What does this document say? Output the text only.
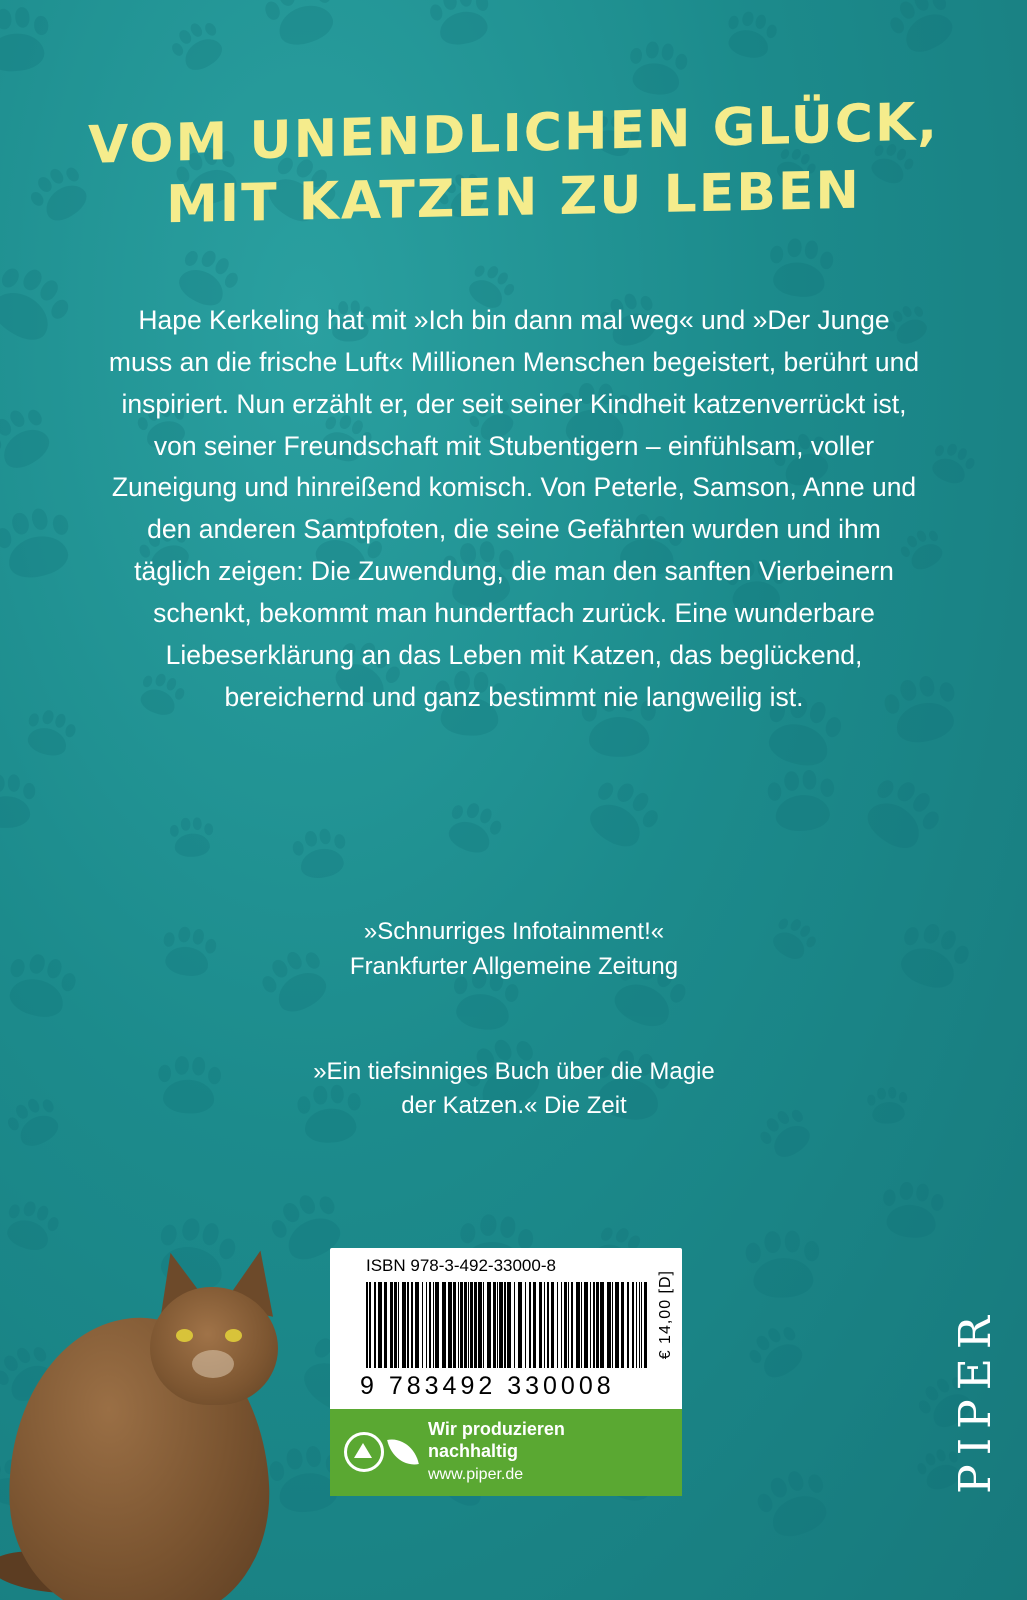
VOM UNENDLICHEN GLÜCK,
MIT KATZEN ZU LEBEN
Hape Kerkeling hat mit »Ich bin dann mal weg« und »Der Junge muss an die frische Luft« Millionen Menschen begeistert, berührt und inspiriert. Nun erzählt er, der seit seiner Kindheit katzenverrückt ist, von seiner Freundschaft mit Stubentigern – einfühlsam, voller Zuneigung und hinreißend komisch. Von Peterle, Samson, Anne und den anderen Samtpfoten, die seine Gefährten wurden und ihm täglich zeigen: Die Zuwendung, die man den sanften Vierbeinern schenkt, bekommt man hundertfach zurück. Eine wunderbare Liebeserklärung an das Leben mit Katzen, das beglückend, bereichernd und ganz bestimmt nie langweilig ist.
»Schnurriges Infotainment!«
Frankfurter Allgemeine Zeitung
»Ein tiefsinniges Buch über die Magie
der Katzen.« Die Zeit
ISBN 978-3-492-33000-8
9 783492 330008
€ 14,00 [D]
Wir produzieren
nachhaltig
www.piper.de	PIPER
